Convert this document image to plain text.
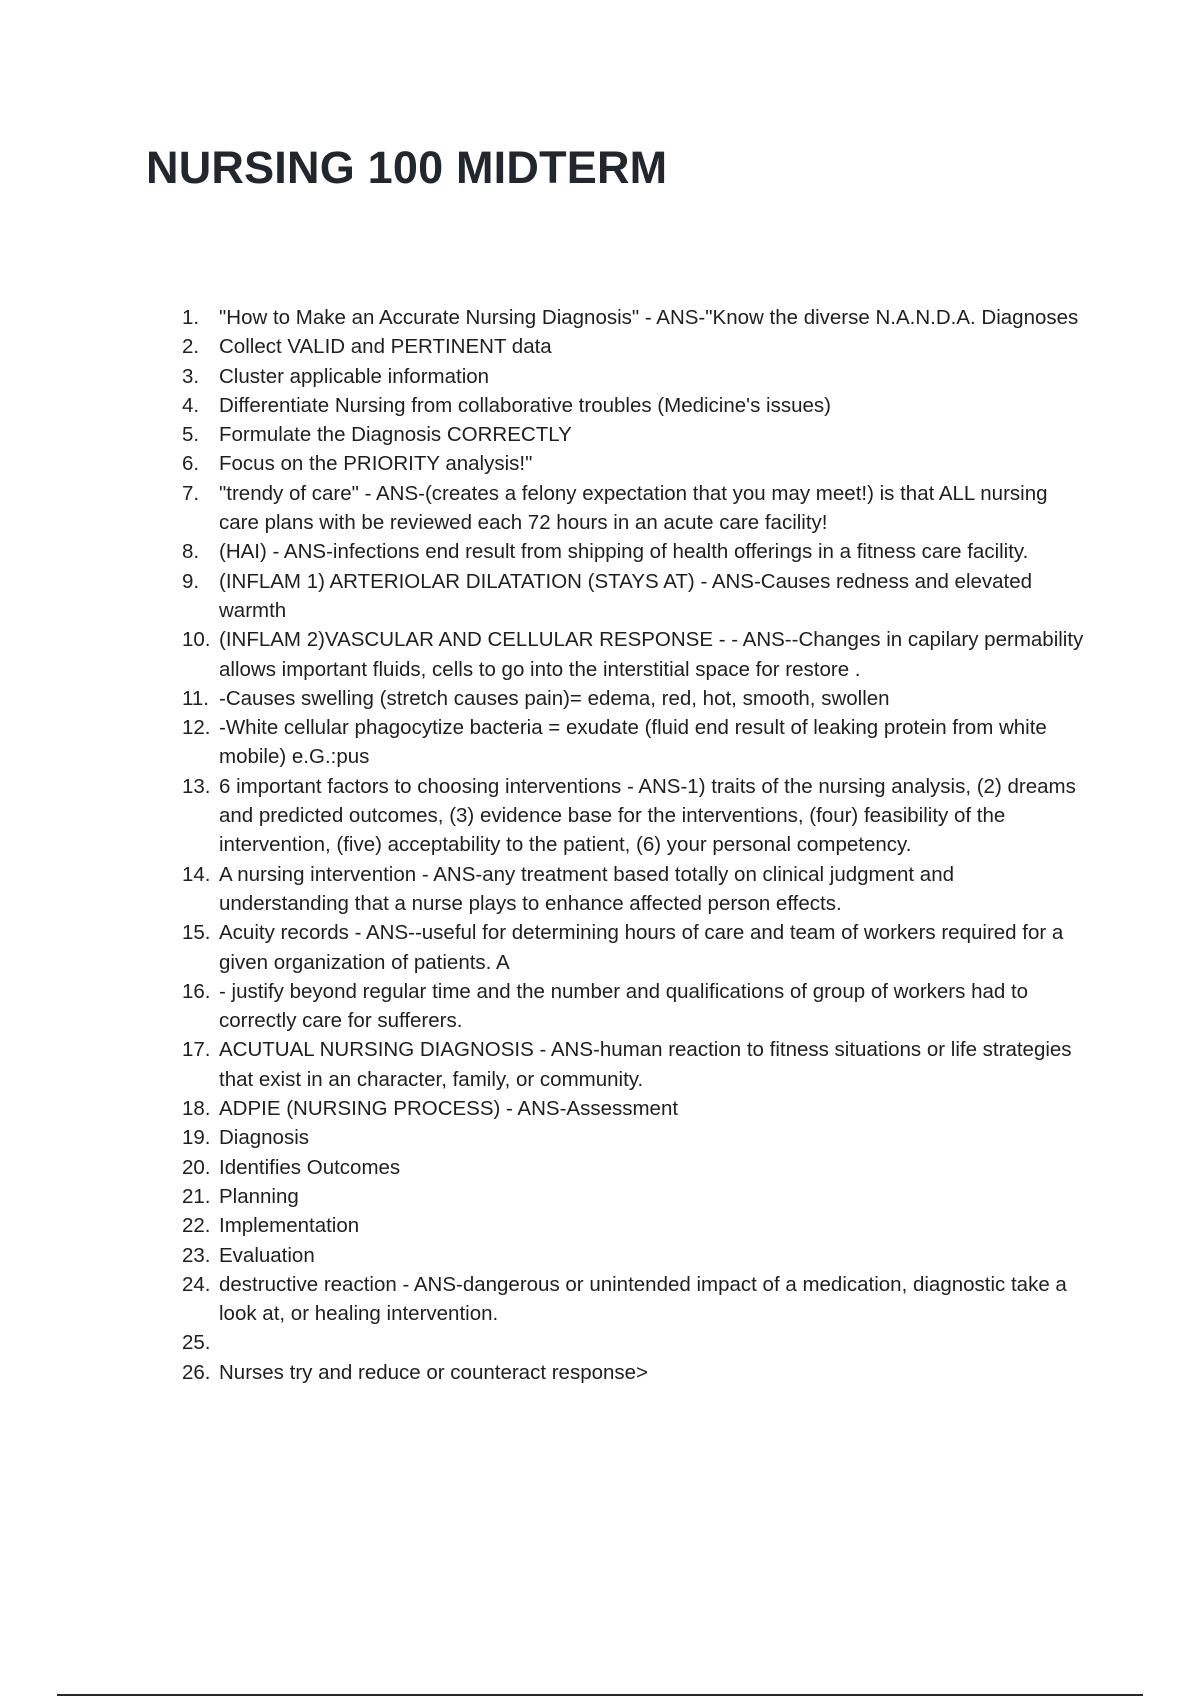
NURSING 100 MIDTERM
1. "How to Make an Accurate Nursing Diagnosis" - ANS-"Know the diverse N.A.N.D.A. Diagnoses
2. Collect VALID and PERTINENT data
3. Cluster applicable information
4. Differentiate Nursing from collaborative troubles (Medicine's issues)
5. Formulate the Diagnosis CORRECTLY
6. Focus on the PRIORITY analysis!"
7. "trendy of care" - ANS-(creates a felony expectation that you may meet!) is that ALL nursing care plans with be reviewed each 72 hours in an acute care facility!
8. (HAI) - ANS-infections end result from shipping of health offerings in a fitness care facility.
9. (INFLAM 1) ARTERIOLAR DILATATION (STAYS AT) - ANS-Causes redness and elevated warmth
10. (INFLAM 2)VASCULAR AND CELLULAR RESPONSE - - ANS--Changes in capilary permability allows important fluids, cells to go into the interstitial space for restore .
11. -Causes swelling (stretch causes pain)= edema, red, hot, smooth, swollen
12. -White cellular phagocytize bacteria = exudate (fluid end result of leaking protein from white mobile) e.G.:pus
13. 6 important factors to choosing interventions - ANS-1) traits of the nursing analysis, (2) dreams and predicted outcomes, (3) evidence base for the interventions, (four) feasibility of the intervention, (five) acceptability to the patient, (6) your personal competency.
14. A nursing intervention - ANS-any treatment based totally on clinical judgment and understanding that a nurse plays to enhance affected person effects.
15. Acuity records - ANS--useful for determining hours of care and team of workers required for a given organization of patients. A
16. - justify beyond regular time and the number and qualifications of group of workers had to correctly care for sufferers.
17. ACUTUAL NURSING DIAGNOSIS - ANS-human reaction to fitness situations or life strategies that exist in an character, family, or community.
18. ADPIE (NURSING PROCESS) - ANS-Assessment
19. Diagnosis
20. Identifies Outcomes
21. Planning
22. Implementation
23. Evaluation
24. destructive reaction - ANS-dangerous or unintended impact of a medication, diagnostic take a look at, or healing intervention.
25.
26. Nurses try and reduce or counteract response>
